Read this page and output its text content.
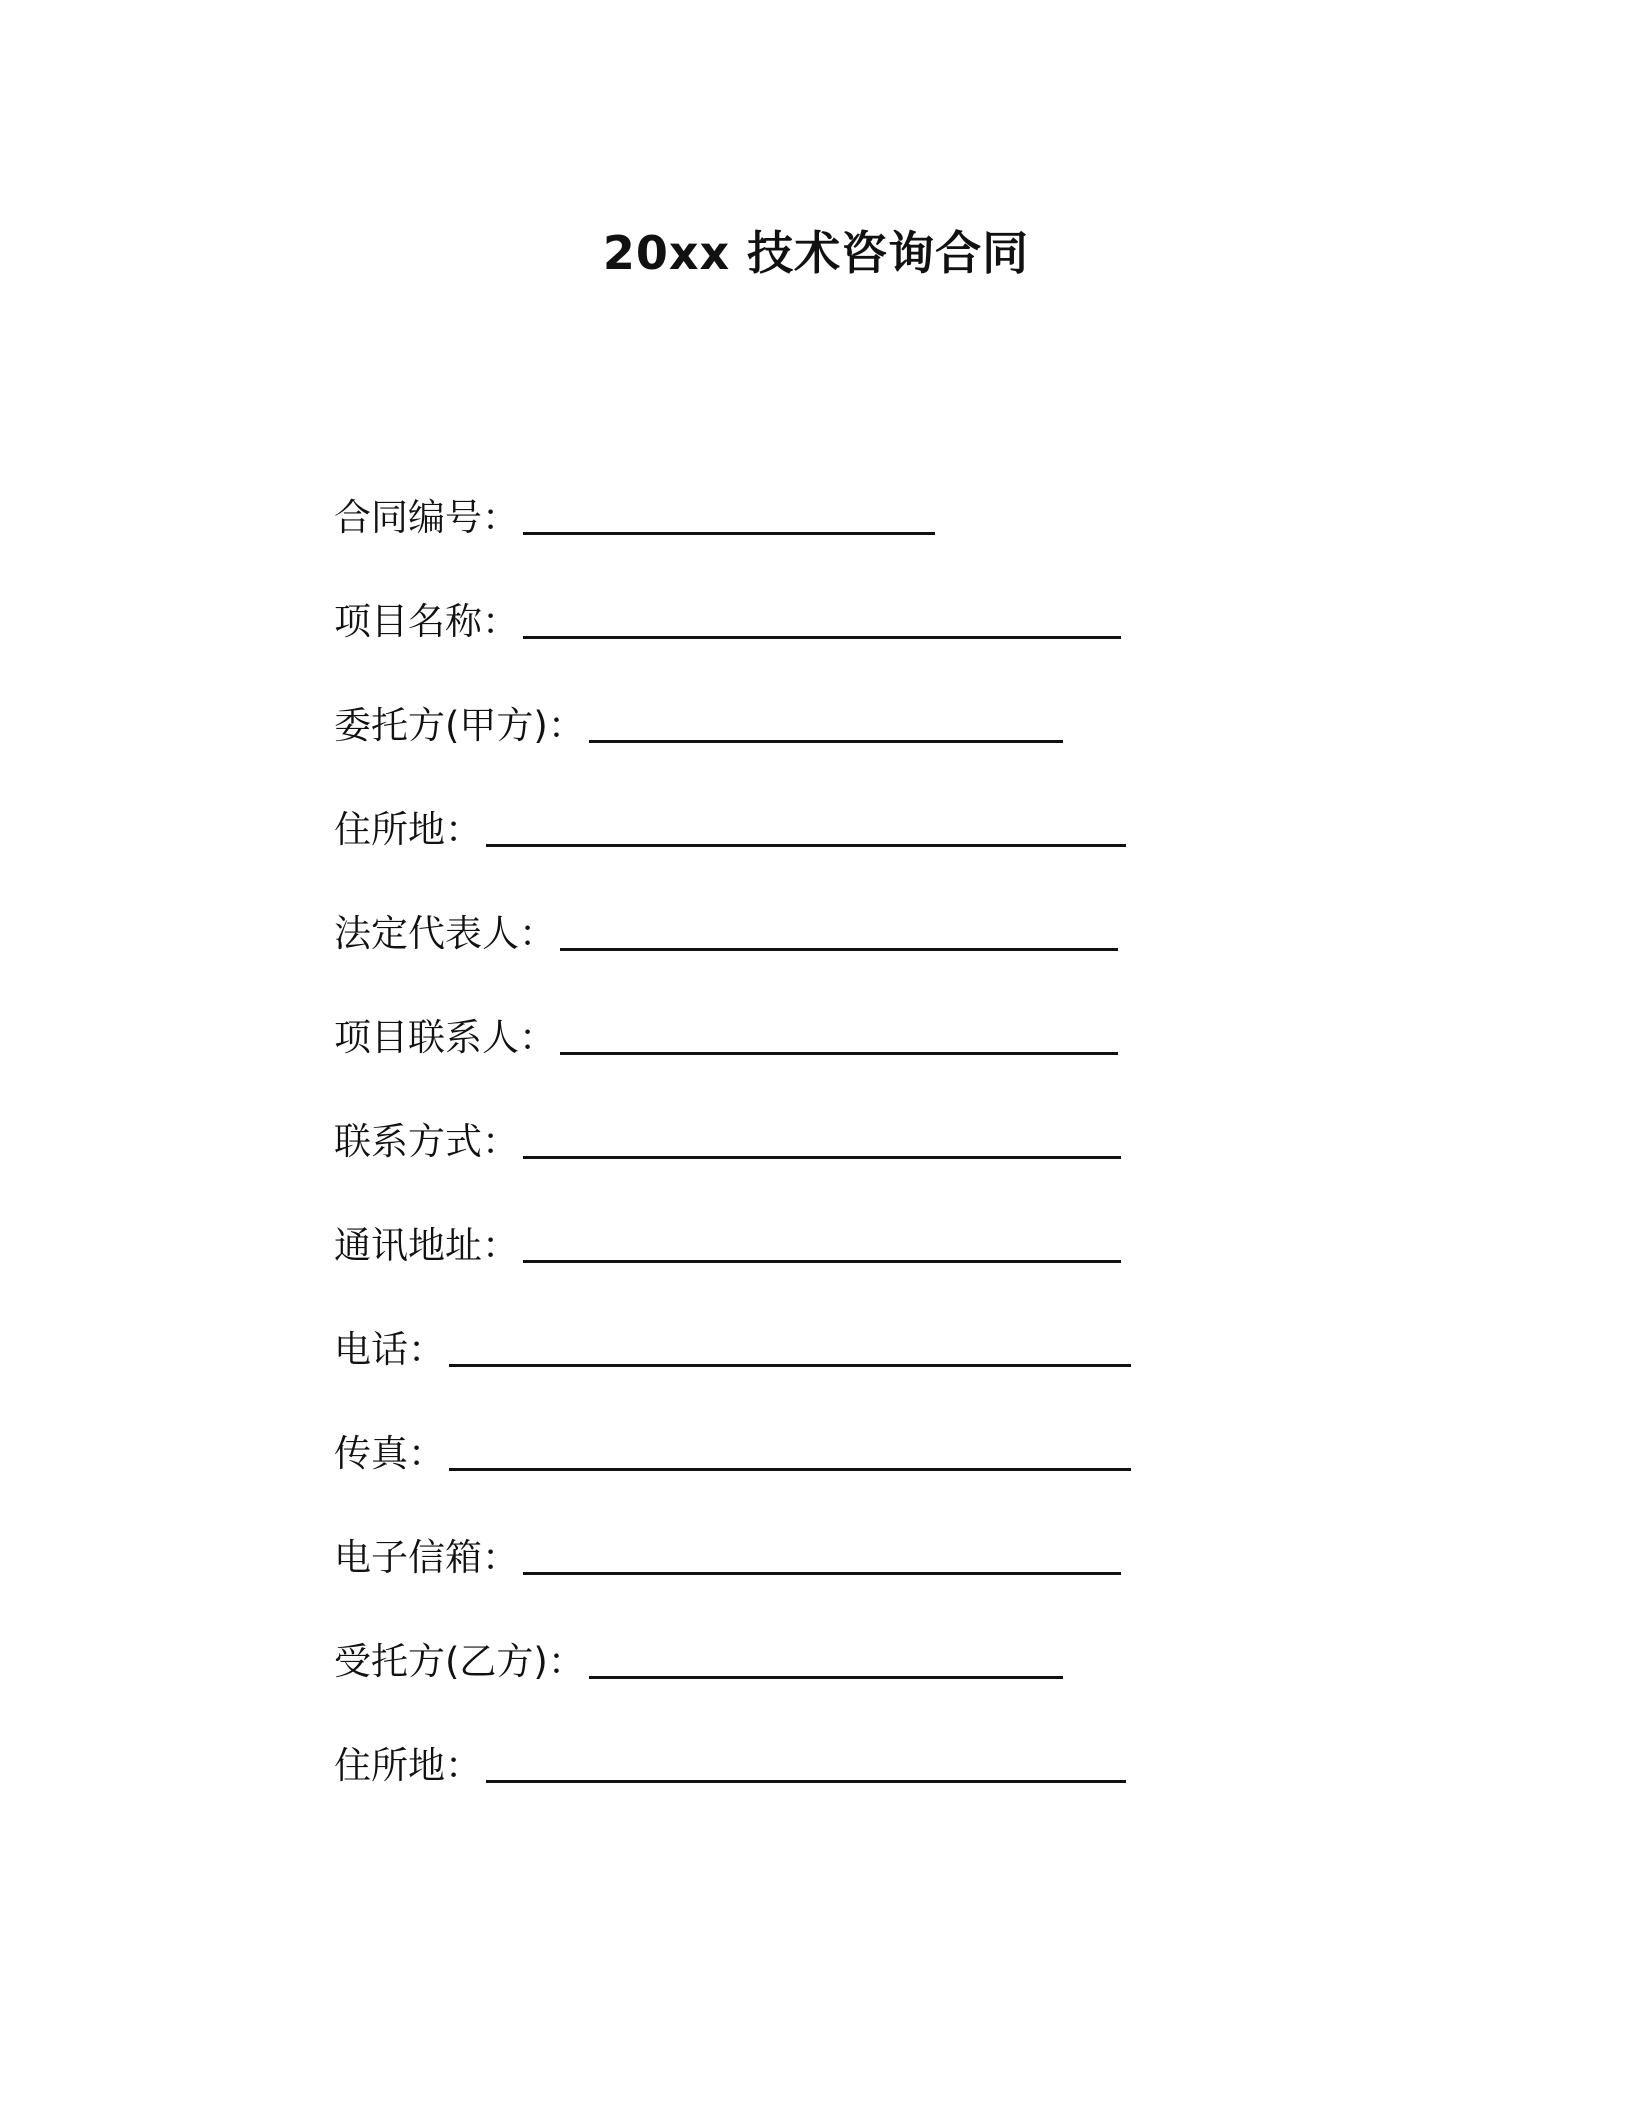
20xx 技术咨询合同
合同编号：
项目名称：
委托方(甲方)：
住所地：
法定代表人：
项目联系人：
联系方式：
通讯地址：
电话：
传真：
电子信箱：
受托方(乙方)：
住所地：
